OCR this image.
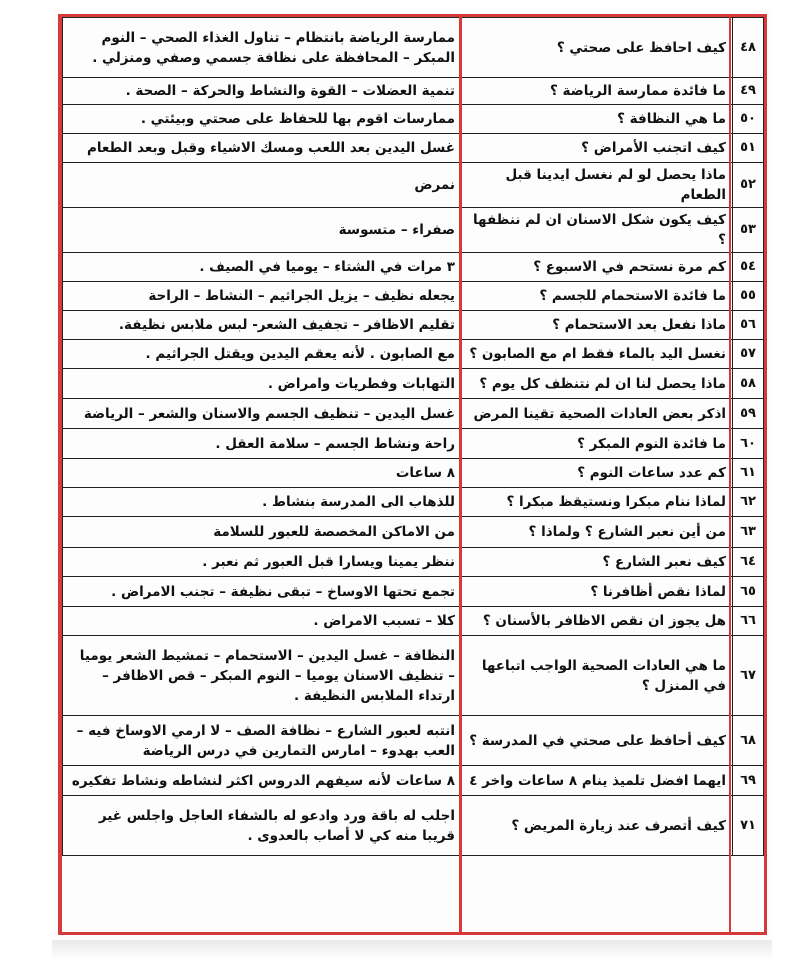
٤٨	كيف احافظ على صحتي ؟	ممارسة الرياضة بانتظام – تناول الغذاء الصحي – النوم المبكر – المحافظة على نظافة جسمي وصفي ومنزلي .
٤٩	ما فائدة ممارسة الرياضة ؟	تنمية العضلات – القوة والنشاط والحركة – الصحة .
٥٠	ما هي النظافة ؟	ممارسات اقوم بها للحفاظ على صحتي وبيئتي .
٥١	كيف اتجنب الأمراض ؟	غسل اليدين بعد اللعب ومسك الاشياء وقبل وبعد الطعام
٥٢	ماذا يحصل لو لم نغسل ايدينا قبل الطعام	نمرض
٥٣	كيف يكون شكل الاسنان ان لم ننظفها ؟	صفراء – متسوسة
٥٤	كم مرة نستحم في الاسبوع ؟	٣ مرات في الشتاء – يوميا في الصيف .
٥٥	ما فائدة الاستحمام للجسم ؟	يجعله نظيف – يزيل الجراثيم – النشاط – الراحة
٥٦	ماذا نفعل بعد الاستحمام ؟	تقليم الاظافر – تجفيف الشعر- لبس ملابس نظيفة.
٥٧	نغسل اليد بالماء فقط ام مع الصابون ؟	مع الصابون . لأنه يعقم اليدين ويقتل الجراثيم .
٥٨	ماذا يحصل لنا ان لم نتنظف كل يوم ؟	التهابات وفطريات وامراض .
٥٩	اذكر بعض العادات الصحية تقينا المرض	غسل اليدين – تنظيف الجسم والاسنان والشعر – الرياضة
٦٠	ما فائدة النوم المبكر ؟	راحة ونشاط الجسم – سلامة العقل .
٦١	كم عدد ساعات النوم ؟	٨ ساعات
٦٢	لماذا ننام مبكرا ونستيقظ مبكرا ؟	للذهاب الى المدرسة بنشاط .
٦٣	من أين نعبر الشارع ؟ ولماذا ؟	من الاماكن المخصصة للعبور للسلامة
٦٤	كيف نعبر الشارع ؟	ننظر يمينا ويسارا قبل العبور ثم نعبر .
٦٥	لماذا نقص أظافرنا ؟	تجمع تحتها الاوساخ – تبقى نظيفة – تجنب الامراض .
٦٦	هل يجوز ان نقص الاظافر بالأسنان ؟	كلا – تسبب الامراض .
٦٧	ما هي العادات الصحية الواجب اتباعها في المنزل ؟	النظافة – غسل اليدين – الاستحمام – تمشيط الشعر يوميا – تنظيف الاسنان يوميا – النوم المبكر – قص الاظافر – ارتداء الملابس النظيفة .
٦٨	كيف أحافظ على صحتي في المدرسة ؟	انتبه لعبور الشارع – نظافة الصف – لا ارمي الاوساخ فيه – العب بهدوء – امارس التمارين في درس الرياضة
٦٩	ايهما افضل تلميذ ينام ٨ ساعات واخر ٤	٨ ساعات لأنه سيفهم الدروس اكثر لنشاطه ونشاط تفكيره
٧١	كيف أتصرف عند زيارة المريض ؟	اجلب له باقة ورد وادعو له بالشفاء العاجل واجلس غير قريبا منه كي لا أصاب بالعدوى .
